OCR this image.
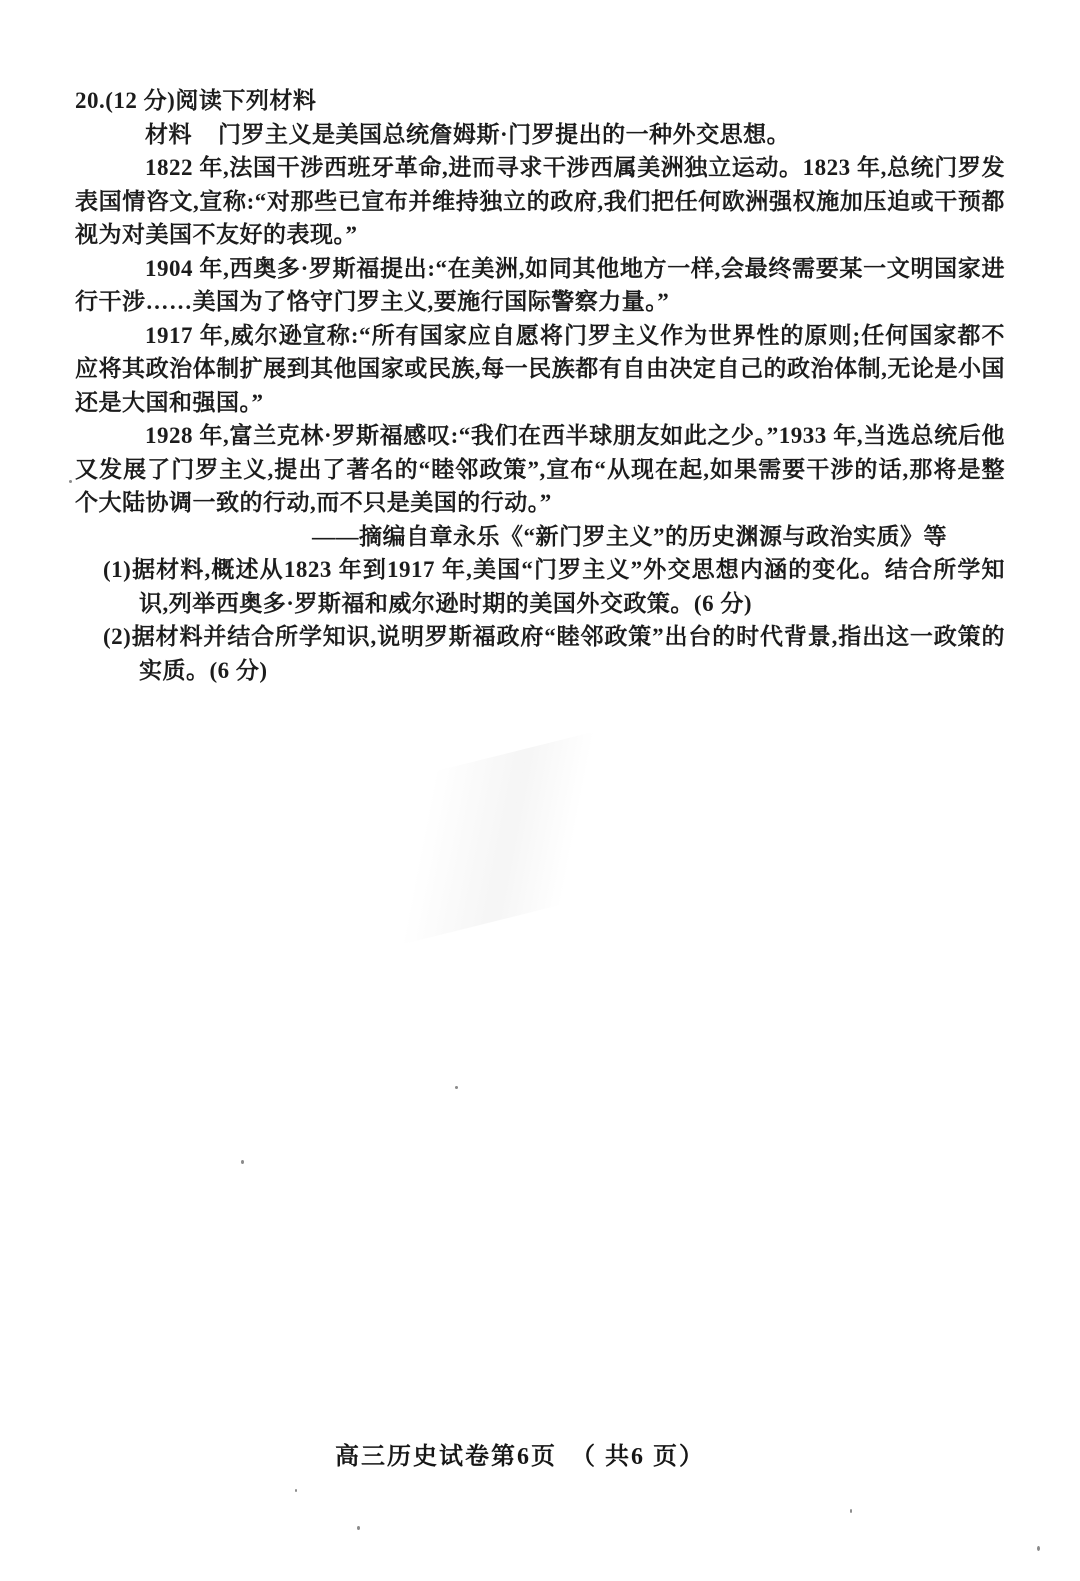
20.(12 分)阅读下列材料

材料 门罗主义是美国总统詹姆斯·门罗提出的一种外交思想。

1822 年,法国干涉西班牙革命,进而寻求干涉西属美洲独立运动。1823 年,总统门罗发表国情咨文,宣称:“对那些已宣布并维持独立的政府,我们把任何欧洲强权施加压迫或干预都视为对美国不友好的表现。”

1904 年,西奥多·罗斯福提出:“在美洲,如同其他地方一样,会最终需要某一文明国家进行干涉……美国为了恪守门罗主义,要施行国际警察力量。”

1917 年,威尔逊宣称:“所有国家应自愿将门罗主义作为世界性的原则;任何国家都不应将其政治体制扩展到其他国家或民族,每一民族都有自由决定自己的政治体制,无论是小国还是大国和强国。”

1928 年,富兰克林·罗斯福感叹:“我们在西半球朋友如此之少。”1933 年,当选总统后他又发展了门罗主义,提出了著名的“睦邻政策”,宣布“从现在起,如果需要干涉的话,那将是整个大陆协调一致的行动,而不只是美国的行动。”

——摘编自章永乐《“新门罗主义”的历史渊源与政治实质》等

(1)据材料,概述从1823 年到1917 年,美国“门罗主义”外交思想内涵的变化。结合所学知识,列举西奥多·罗斯福和威尔逊时期的美国外交政策。(6 分)

(2)据材料并结合所学知识,说明罗斯福政府“睦邻政策”出台的时代背景,指出这一政策的实质。(6 分)

高三历史试卷第6页　（ 共6 页）
